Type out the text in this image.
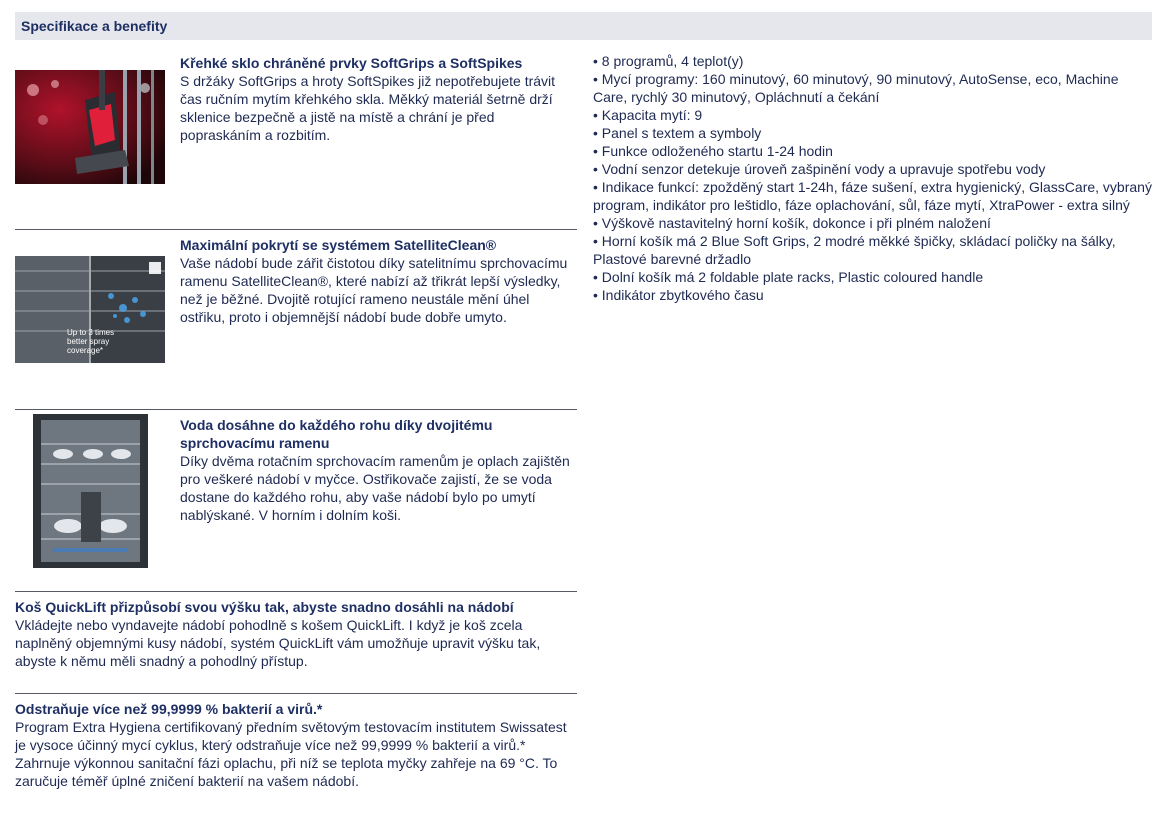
Specifikace a benefity
Křehké sklo chráněné prvky SoftGrips a SoftSpikes
S držáky SoftGrips a hroty SoftSpikes již nepotřebujete trávit čas ručním mytím křehkého skla. Měkký materiál šetrně drží sklenice bezpečně a jistě na místě a chrání je před popraskáním a rozbitím.
Up to 3 times better spray coverage*
Maximální pokrytí se systémem SatelliteClean®
Vaše nádobí bude zářit čistotou díky satelitnímu sprchovacímu ramenu SatelliteClean®, které nabízí až třikrát lepší výsledky, než je běžné. Dvojitě rotující rameno neustále mění úhel ostřiku, proto i objemnější nádobí bude dobře umyto.
Voda dosáhne do každého rohu díky dvojitému sprchovacímu ramenu
Díky dvěma rotačním sprchovacím ramenům je oplach zajištěn pro veškeré nádobí v myčce. Ostřikovače zajistí, že se voda dostane do každého rohu, aby vaše nádobí bylo po umytí nablýskané. V horním i dolním koši.
Koš QuickLift přizpůsobí svou výšku tak, abyste snadno dosáhli na nádobí
Vkládejte nebo vyndavejte nádobí pohodlně s košem QuickLift. I když je koš zcela naplněný objemnými kusy nádobí, systém QuickLift vám umožňuje upravit výšku tak, abyste k němu měli snadný a pohodlný přístup.
Odstraňuje více než 99,9999 % bakterií a virů.*
Program Extra Hygiena certifikovaný předním světovým testovacím institutem Swissatest je vysoce účinný mycí cyklus, který odstraňuje více než 99,9999 % bakterií a virů.* Zahrnuje výkonnou sanitační fázi oplachu, při níž se teplota myčky zahřeje na 69 °C. To zaručuje téměř úplné zničení bakterií na vašem nádobí.
• 8 programů, 4 teplot(y)
• Mycí programy: 160 minutový, 60 minutový, 90 minutový, AutoSense, eco, Machine Care, rychlý 30 minutový, Opláchnutí a čekání
• Kapacita mytí: 9
• Panel s textem a symboly
• Funkce odloženého startu 1-24 hodin
• Vodní senzor detekuje úroveň zašpinění vody a upravuje spotřebu vody
• Indikace funkcí: zpožděný start 1-24h, fáze sušení, extra hygienický, GlassCare, vybraný program, indikátor pro leštidlo, fáze oplachování, sůl, fáze mytí, XtraPower - extra silný
• Výškově nastavitelný horní košík, dokonce i při plném naložení
• Horní košík má 2 Blue Soft Grips, 2 modré měkké špičky, skládací poličky na šálky, Plastové barevné držadlo
• Dolní košík má 2 foldable plate racks, Plastic coloured handle
• Indikátor zbytkového času
